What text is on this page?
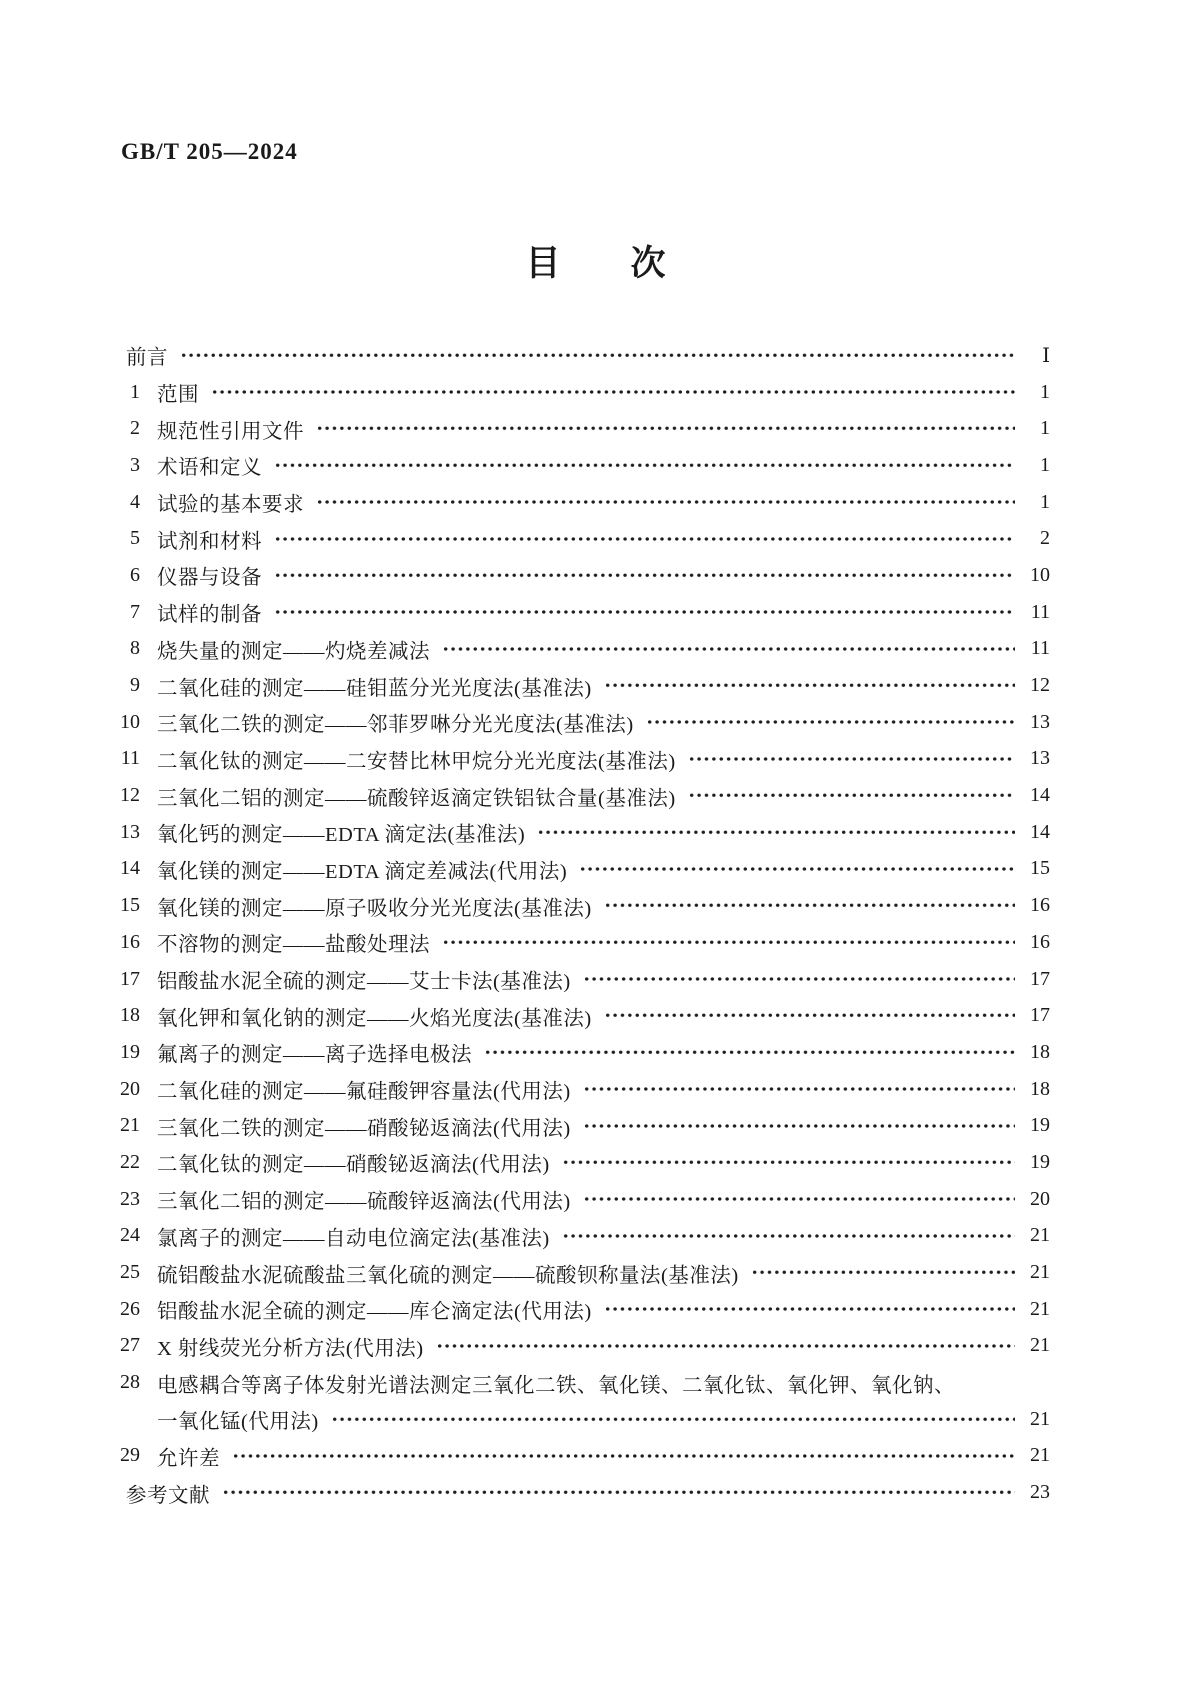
GB/T 205—2024
目　　次
前言	Ⅰ
1 范围	1
2 规范性引用文件	1
3 术语和定义	1
4 试验的基本要求	1
5 试剂和材料	2
6 仪器与设备	10
7 试样的制备	11
8 烧失量的测定——灼烧差减法	11
9 二氧化硅的测定——硅钼蓝分光光度法(基准法)	12
10 三氧化二铁的测定——邻菲罗啉分光光度法(基准法)	13
11 二氧化钛的测定——二安替比林甲烷分光光度法(基准法)	13
12 三氧化二铝的测定——硫酸锌返滴定铁铝钛合量(基准法)	14
13 氧化钙的测定——EDTA 滴定法(基准法)	14
14 氧化镁的测定——EDTA 滴定差减法(代用法)	15
15 氧化镁的测定——原子吸收分光光度法(基准法)	16
16 不溶物的测定——盐酸处理法	16
17 铝酸盐水泥全硫的测定——艾士卡法(基准法)	17
18 氧化钾和氧化钠的测定——火焰光度法(基准法)	17
19 氟离子的测定——离子选择电极法	18
20 二氧化硅的测定——氟硅酸钾容量法(代用法)	18
21 三氧化二铁的测定——硝酸铋返滴法(代用法)	19
22 二氧化钛的测定——硝酸铋返滴法(代用法)	19
23 三氧化二铝的测定——硫酸锌返滴法(代用法)	20
24 氯离子的测定——自动电位滴定法(基准法)	21
25 硫铝酸盐水泥硫酸盐三氧化硫的测定——硫酸钡称量法(基准法)	21
26 铝酸盐水泥全硫的测定——库仑滴定法(代用法)	21
27 X 射线荧光分析方法(代用法)	21
28 电感耦合等离子体发射光谱法测定三氧化二铁、氧化镁、二氧化钛、氧化钾、氧化钠、
一氧化锰(代用法)	21
29 允许差	21
参考文献	23
